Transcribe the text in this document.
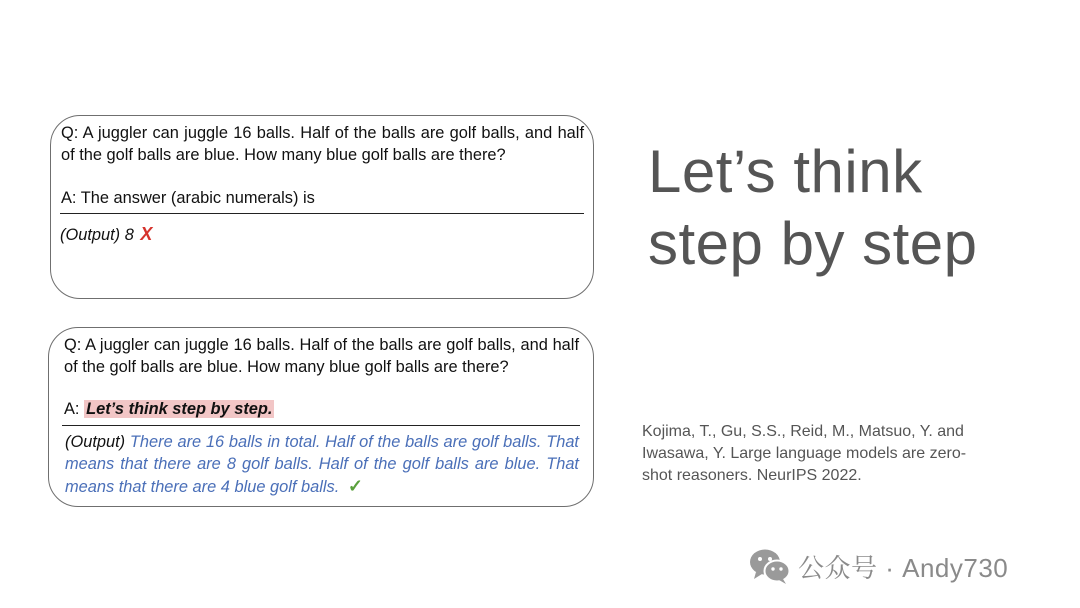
Q: A juggler can juggle 16 balls. Half of the balls are golf balls, and half of the golf balls are blue. How many blue golf balls are there?
A: The answer (arabic numerals) is
(Output) 8 X
Q: A juggler can juggle 16 balls. Half of the balls are golf balls, and half of the golf balls are blue. How many blue golf balls are there?
A: Let’s think step by step.
(Output) There are 16 balls in total. Half of the balls are golf balls. That means that there are 8 golf balls. Half of the golf balls are blue. That means that there are 4 blue golf balls. ✓
Let’s think
step by step
Kojima, T., Gu, S.S., Reid, M., Matsuo, Y. and Iwasawa, Y. Large language models are zero-shot reasoners. NeurIPS 2022.
公众号 · Andy730
